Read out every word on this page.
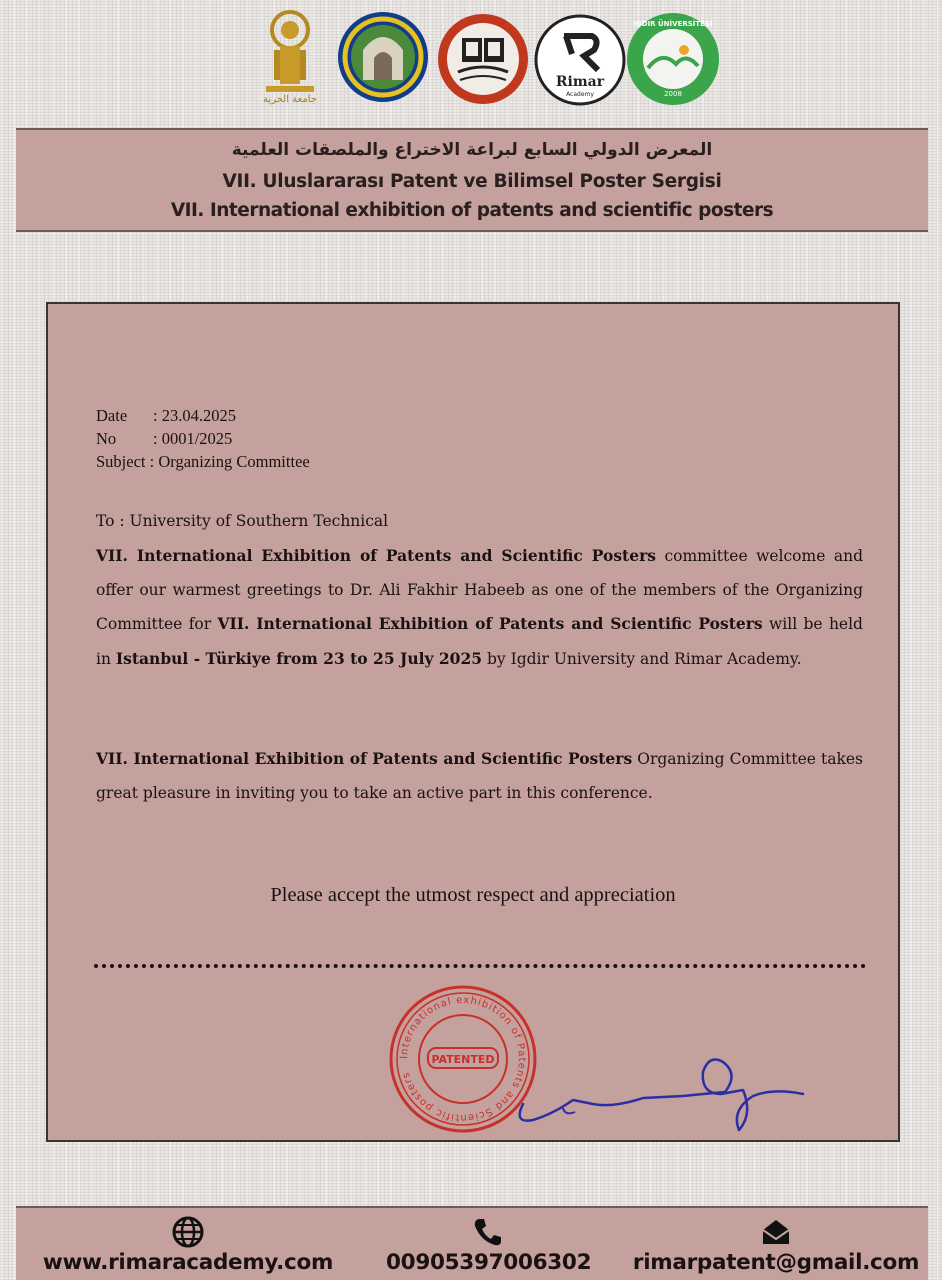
جامعة الحرية
Rimar
Academy	2008
IGDIR ÜNİVERSİTESİ
المعرض الدولي السابع لبراعة الاختراع والملصقات العلمية
VII. Uluslararası Patent ve Bilimsel Poster Sergisi
VII. International exhibition of patents and scientific posters
Date : 23.04.2025
No : 0001/2025
Subject : Organizing Committee
To : University of Southern Technical
VII. International Exhibition of Patents and Scientific Posters committee welcome and offer our warmest greetings to Dr. Ali Fakhir Habeeb as one of the members of the Organizing Committee for VII. International Exhibition of Patents and Scientific Posters will be held in Istanbul - Türkiye from 23 to 25 July 2025 by Igdir University and Rimar Academy.
VII. International Exhibition of Patents and Scientific Posters Organizing Committee takes great pleasure in inviting you to take an active part in this conference.
Please accept the utmost respect and appreciation
International exhibition of Patents and Scientific posters
PATENTED
www.rimaracademy.com	00905397006302	rimarpatent@gmail.com
